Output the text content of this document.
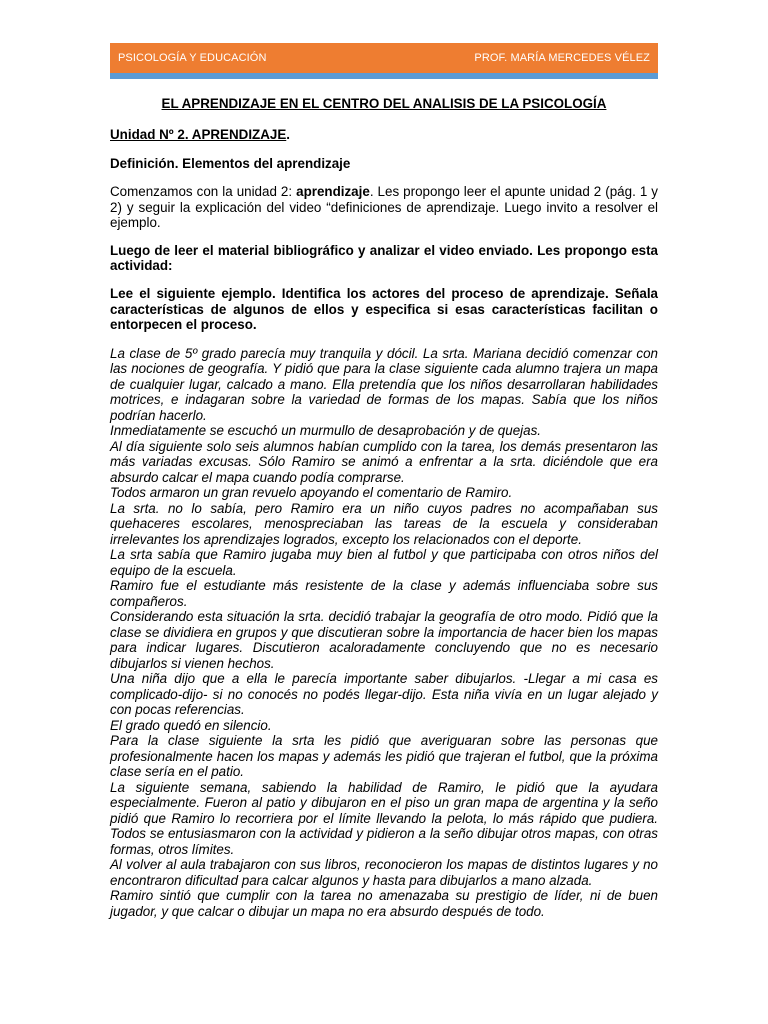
PSICOLOGÍA Y EDUCACIÓN	PROF. MARÍA MERCEDES VÉLEZ
EL APRENDIZAJE EN EL CENTRO DEL ANALISIS DE LA PSICOLOGÍA

Unidad Nº 2. APRENDIZAJE.

Definición. Elementos del aprendizaje

Comenzamos con la unidad 2: aprendizaje. Les propongo leer el apunte unidad 2 (pág. 1 y 2) y seguir la explicación del video “definiciones de aprendizaje. Luego invito a resolver el ejemplo.

Luego de leer el material bibliográfico y analizar el video enviado. Les propongo esta actividad:

Lee el siguiente ejemplo. Identifica los actores del proceso de aprendizaje. Señala características de algunos de ellos y especifica si esas características facilitan o entorpecen el proceso.

La clase de 5º grado parecía muy tranquila y dócil. La srta. Mariana decidió comenzar con las nociones de geografía. Y pidió que para la clase siguiente cada alumno trajera un mapa de cualquier lugar, calcado a mano. Ella pretendía que los niños desarrollaran habilidades motrices, e indagaran sobre la variedad de formas de los mapas. Sabía que los niños podrían hacerlo.

Inmediatamente se escuchó un murmullo de desaprobación y de quejas.

Al día siguiente solo seis alumnos habían cumplido con la tarea, los demás presentaron las más variadas excusas. Sólo Ramiro se animó a enfrentar a la srta. diciéndole que era absurdo calcar el mapa cuando podía comprarse.

Todos armaron un gran revuelo apoyando el comentario de Ramiro.

La srta. no lo sabía, pero Ramiro era un niño cuyos padres no acompañaban sus quehaceres escolares, menospreciaban las tareas de la escuela y consideraban irrelevantes los aprendizajes logrados, excepto los relacionados con el deporte.

La srta sabía que Ramiro jugaba muy bien al futbol y que participaba con otros niños del equipo de la escuela.

Ramiro fue el estudiante más resistente de la clase y además influenciaba sobre sus compañeros.

Considerando esta situación la srta. decidió trabajar la geografía de otro modo. Pidió que la clase se dividiera en grupos y que discutieran sobre la importancia de hacer bien los mapas para indicar lugares. Discutieron acaloradamente concluyendo que no es necesario dibujarlos si vienen hechos.

Una niña dijo que a ella le parecía importante saber dibujarlos. -Llegar a mi casa es complicado-dijo- si no conocés no podés llegar-dijo. Esta niña vivía en un lugar alejado y con pocas referencias.

El grado quedó en silencio.

Para la clase siguiente la srta les pidió que averiguaran sobre las personas que profesionalmente hacen los mapas y además les pidió que trajeran el futbol, que la próxima clase sería en el patio.

La siguiente semana, sabiendo la habilidad de Ramiro, le pidió que la ayudara especialmente. Fueron al patio y dibujaron en el piso un gran mapa de argentina y la seño pidió que Ramiro lo recorriera por el límite llevando la pelota, lo más rápido que pudiera. Todos se entusiasmaron con la actividad y pidieron a la seño dibujar otros mapas, con otras formas, otros límites.

Al volver al aula trabajaron con sus libros, reconocieron los mapas de distintos lugares y no encontraron dificultad para calcar algunos y hasta para dibujarlos a mano alzada.

Ramiro sintió que cumplir con la tarea no amenazaba su prestigio de líder, ni de buen jugador, y que calcar o dibujar un mapa no era absurdo después de todo.
